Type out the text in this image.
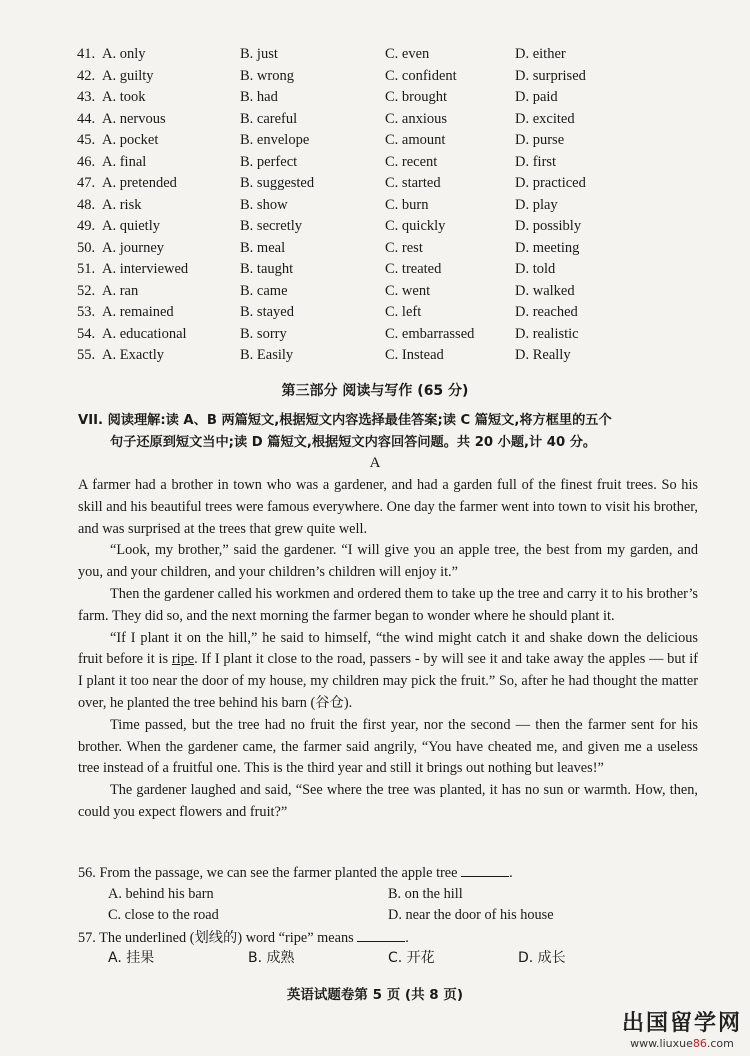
41. A. only	B. just	C. even	D. either
42. A. guilty	B. wrong	C. confident	D. surprised
43. A. took	B. had	C. brought	D. paid
44. A. nervous	B. careful	C. anxious	D. excited
45. A. pocket	B. envelope	C. amount	D. purse
46. A. final	B. perfect	C. recent	D. first
47. A. pretended	B. suggested	C. started	D. practiced
48. A. risk	B. show	C. burn	D. play
49. A. quietly	B. secretly	C. quickly	D. possibly
50. A. journey	B. meal	C. rest	D. meeting
51. A. interviewed	B. taught	C. treated	D. told
52. A. ran	B. came	C. went	D. walked
53. A. remained	B. stayed	C. left	D. reached
54. A. educational	B. sorry	C. embarrassed	D. realistic
55. A. Exactly	B. Easily	C. Instead	D. Really
第三部分 阅读与写作 (65 分)
VII. 阅读理解:读 A、B 两篇短文,根据短文内容选择最佳答案;读 C 篇短文,将方框里的五个
句子还原到短文当中;读 D 篇短文,根据短文内容回答问题。共 20 小题,计 40 分。
A

A farmer had a brother in town who was a gardener, and had a garden full of the finest fruit trees. So his skill and his beautiful trees were famous everywhere. One day the farmer went into town to visit his brother, and was surprised at the trees that grew quite well.

“Look, my brother,” said the gardener. “I will give you an apple tree, the best from my garden, and you, and your children, and your children’s children will enjoy it.”

Then the gardener called his workmen and ordered them to take up the tree and carry it to his brother’s farm. They did so, and the next morning the farmer began to wonder where he should plant it.

“If I plant it on the hill,” he said to himself, “the wind might catch it and shake down the delicious fruit before it is ripe. If I plant it close to the road, passers - by will see it and take away the apples — but if I plant it too near the door of my house, my children may pick the fruit.” So, after he had thought the matter over, he planted the tree behind his barn (谷仓).

Time passed, but the tree had no fruit the first year, nor the second — then the farmer sent for his brother. When the gardener came, the farmer said angrily, “You have cheated me, and given me a useless tree instead of a fruitful one. This is the third year and still it brings out nothing but leaves!”

The gardener laughed and said, “See where the tree was planted, it has no sun or warmth. How, then, could you expect flowers and fruit?”

56. From the passage, we can see the farmer planted the apple tree	.
A. behind his barn	B. on the hill
C. close to the road	D. near the door of his house
57. The underlined (划线的) word “ripe” means	.
A. 挂果	B. 成熟	C. 开花	D. 成长
英语试题卷第 5 页 (共 8 页)
出国留学网
www.liuxue86.com
